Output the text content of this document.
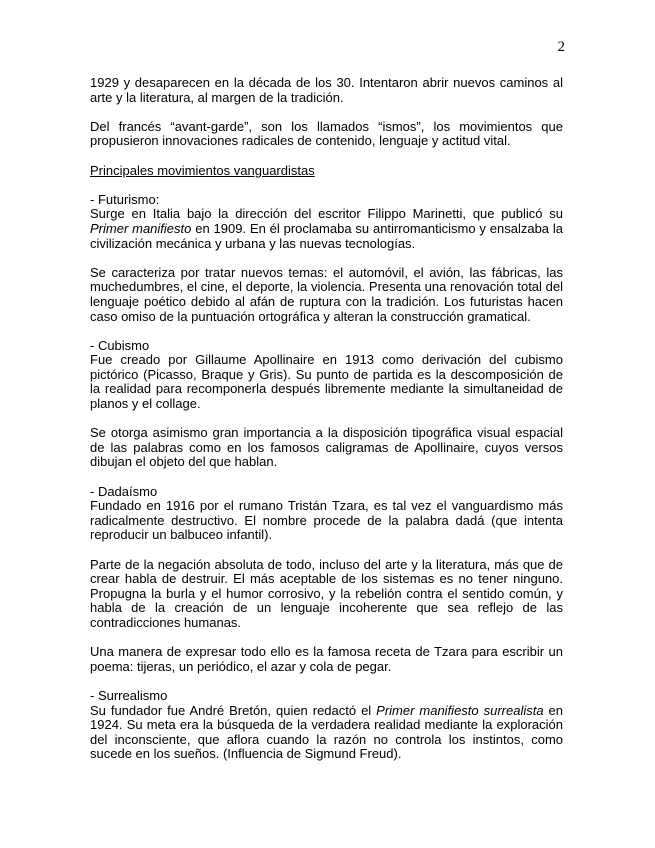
2

1929 y desaparecen en la década de los 30. Intentaron abrir nuevos caminos al arte y la literatura, al margen de la tradición.

Del francés “avant-garde”, son los llamados “ismos”, los movimientos que propusieron innovaciones radicales de contenido, lenguaje y actitud vital.

Principales movimientos vanguardistas
- Futurismo:

Surge en Italia bajo la dirección del escritor Filippo Marinetti, que publicó su Primer manifiesto en 1909. En él proclamaba su antirromanticismo y ensalzaba la civilización mecánica y urbana y las nuevas tecnologías.

Se caracteriza por tratar nuevos temas: el automóvil, el avión, las fábricas, las muchedumbres, el cine, el deporte, la violencia. Presenta una renovación total del lenguaje poético debido al afán de ruptura con la tradición. Los futuristas hacen caso omiso de la puntuación ortográfica y alteran la construcción gramatical.

- Cubismo

Fue creado por Gillaume Apollinaire en 1913 como derivación del cubismo pictórico (Picasso, Braque y Gris). Su punto de partida es la descomposición de la realidad para recomponerla después libremente mediante la simultaneidad de planos y el collage.

Se otorga asimismo gran importancia a la disposición tipográfica visual espacial de las palabras como en los famosos caligramas de Apollinaire, cuyos versos dibujan el objeto del que hablan.

- Dadaísmo

Fundado en 1916 por el rumano Tristán Tzara, es tal vez el vanguardismo más radicalmente destructivo. El nombre procede de la palabra dadá (que intenta reproducir un balbuceo infantil).

Parte de la negación absoluta de todo, incluso del arte y la literatura, más que de crear habla de destruir. El más aceptable de los sistemas es no tener ninguno. Propugna la burla y el humor corrosivo, y la rebelión contra el sentido común, y habla de la creación de un lenguaje incoherente que sea reflejo de las contradicciones humanas.

Una manera de expresar todo ello es la famosa receta de Tzara para escribir un poema: tijeras, un periódico, el azar y cola de pegar.

- Surrealismo

Su fundador fue André Bretón, quien redactó el Primer manifiesto surrealista en 1924. Su meta era la búsqueda de la verdadera realidad mediante la exploración del inconsciente, que aflora cuando la razón no controla los instintos, como sucede en los sueños. (Influencia de Sigmund Freud).
